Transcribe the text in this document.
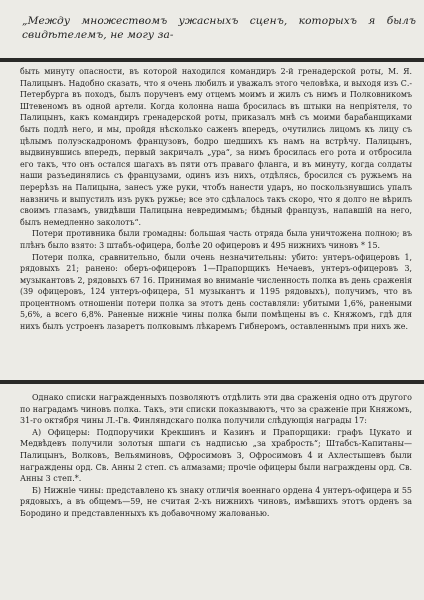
„Между множествомъ ужасныхъ сценъ, которыхъ я былъ свидѣтелемъ, не могу за-

быть минуту опасности, въ которой находился командиръ 2-й гренадерской роты, М. Я. Палицынъ. Надобно сказать, что я очень любилъ и уважалъ этого человѣка, и выходя изъ С.-Петербурга въ походъ, былъ порученъ ему отцемъ моимъ и жилъ съ нимъ и Полковникомъ Штевеномъ въ одной артели. Когда колонна наша бросилась въ штыки на непріятеля, то Палицынъ, какъ командиръ гренадерской роты, приказалъ мнѣ съ моими барабанщиками быть подлѣ него, и мы, пройдя нѣсколько саженъ впередъ, очутились лицомъ къ лицу съ цѣлымъ полуэскадрономъ французовъ, бодро шедшихъ къ намъ на встрѣчу. Палицынъ, выдвинувшись впередъ, первый закричалъ „ура“, за нимъ бросилась его рота и отбросила его такъ, что онъ остался шагахъ въ пяти отъ праваго фланга, и въ минуту, когда солдаты наши разъединялись съ французами, одинъ изъ нихъ, отдѣлясь, бросился съ ружьемъ на перерѣзъ на Палицына, занесъ уже руки, чтобъ нанести ударъ, но поскользнувшись упалъ навзничь и выпустилъ изъ рукъ ружье; все это сдѣлалось такъ скоро, что я долго не вѣрилъ своимъ глазамъ, увидѣвши Палицына невредимымъ; бѣдный французъ, напавшій на него, былъ немедленно заколотъ“.

Потери противника были громадны: большая часть отряда была уничтожена полною; въ плѣнъ было взято: 3 штабъ-офицера, болѣе 20 офицеровъ и 495 нижнихъ чиновъ * 15.

Потери полка, сравнительно, были очень незначительны: убито: унтеръ-офицеровъ 1, рядовыхъ 21; ранено: оберъ-офицеровъ 1—Прапорщикъ Нечаевъ, унтеръ-офицеровъ 3, музыкантовъ 2, рядовыхъ 67 16. Принимая во вниманіе численность полка въ день сраженія (39 офицеровъ, 124 унтеръ-офицера, 51 музыкантъ и 1195 рядовыхъ), получимъ, что въ процентномъ отношеніи потери полка за этотъ день составляли: убитыми 1,6%, ранеными 5,6%, а всего 6,8%. Раненые нижніе чины полка были помѣщены въ с. Княжомъ, гдѣ для нихъ былъ устроенъ лазаретъ полковымъ лѣкаремъ Гибнеромъ, оставленнымъ при нихъ же.

Однако списки награжденныхъ позволяютъ отдѣлить эти два сраженія одно отъ другого по наградамъ чиновъ полка. Такъ, эти списки показываютъ, что за сраженіе при Княжомъ, 31-го октября чины Л.-Гв. Финляндскаго полка получили слѣдующія награды 17:

А) Офицеры: Подпоручики Крекшинъ и Казинъ и Прапорщики: графъ Цукато и Медвѣдевъ получили золотыя шпаги съ надписью „за храбрость“; Штабсъ-Капитаны—Палицынъ, Волковъ, Вельяминовъ, Офросимовъ 3, Офросимовъ 4 и Ахлестышевъ были награждены орд. Св. Анны 2 степ. съ алмазами; прочіе офицеры были награждены орд. Св. Анны 3 степ.*.

Б) Нижніе чины: представлено къ знаку отличія военнаго ордена 4 унтеръ-офицера и 55 рядовыхъ, а въ общемъ—59, не считая 2-хъ нижнихъ чиновъ, имѣвшихъ этотъ орденъ за Бородино и представленныхъ къ добавочному жалованью.
